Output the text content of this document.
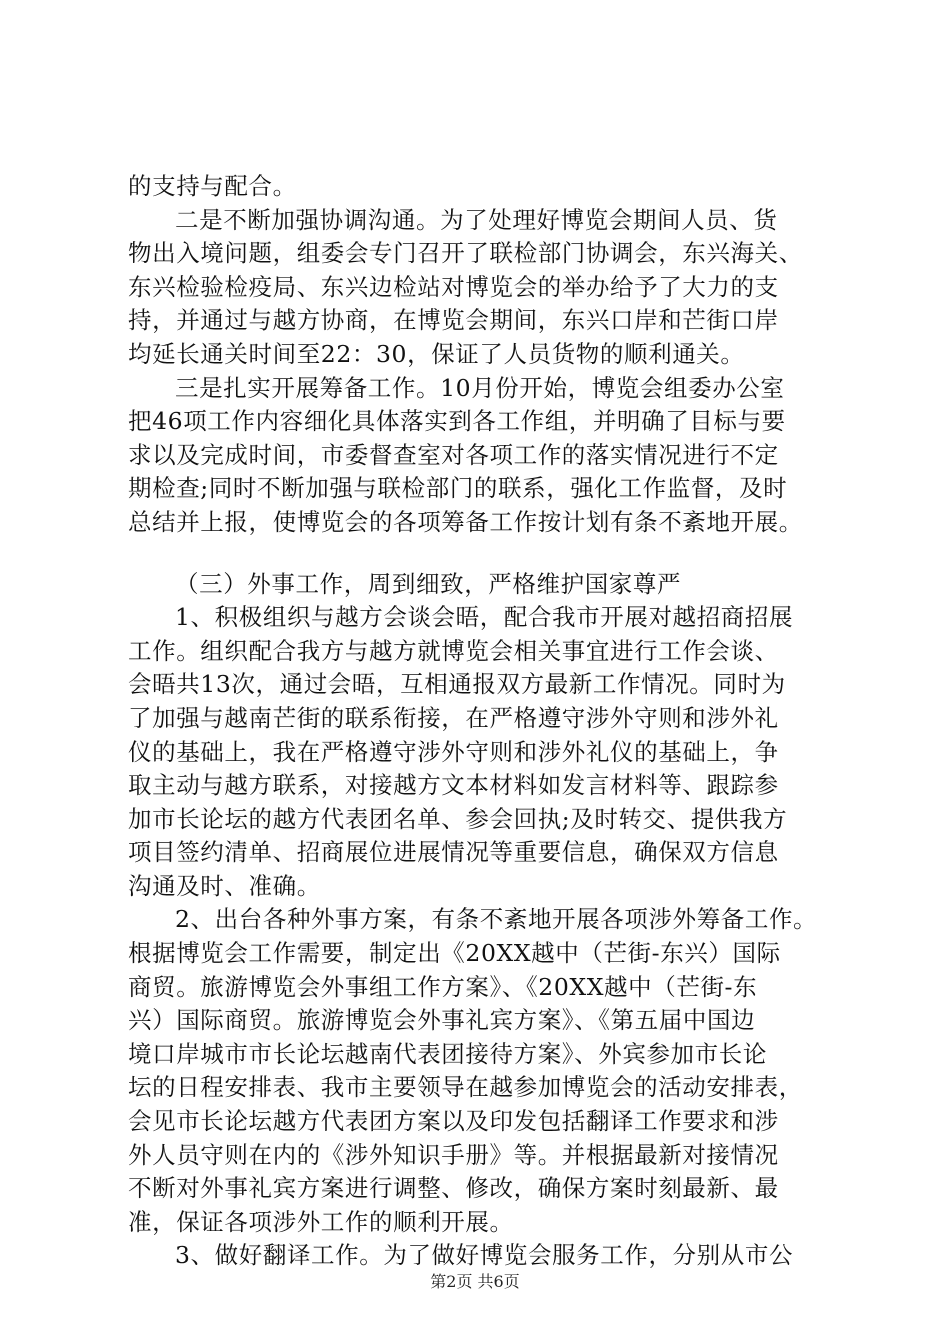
的支持与配合。
二是不断加强协调沟通。为了处理好博览会期间人员、货
物出入境问题，组委会专门召开了联检部门协调会，东兴海关、
东兴检验检疫局、东兴边检站对博览会的举办给予了大力的支
持，并通过与越方协商，在博览会期间，东兴口岸和芒街口岸
均延长通关时间至22：30，保证了人员货物的顺利通关。
三是扎实开展筹备工作。10月份开始，博览会组委办公室
把46项工作内容细化具体落实到各工作组，并明确了目标与要
求以及完成时间，市委督查室对各项工作的落实情况进行不定
期检查;同时不断加强与联检部门的联系，强化工作监督，及时
总结并上报，使博览会的各项筹备工作按计划有条不紊地开展。
（三）外事工作，周到细致，严格维护国家尊严
1、积极组织与越方会谈会晤，配合我市开展对越招商招展
工作。组织配合我方与越方就博览会相关事宜进行工作会谈、
会晤共13次，通过会晤，互相通报双方最新工作情况。同时为
了加强与越南芒街的联系衔接，在严格遵守涉外守则和涉外礼
仪的基础上，我在严格遵守涉外守则和涉外礼仪的基础上，争
取主动与越方联系，对接越方文本材料如发言材料等、跟踪参
加市长论坛的越方代表团名单、参会回执;及时转交、提供我方
项目签约清单、招商展位进展情况等重要信息，确保双方信息
沟通及时、准确。
2、出台各种外事方案，有条不紊地开展各项涉外筹备工作。
根据博览会工作需要，制定出《20XX越中（芒街-东兴）国际
商贸。旅游博览会外事组工作方案》、《20XX越中（芒街-东
兴）国际商贸。旅游博览会外事礼宾方案》、《第五届中国边
境口岸城市市长论坛越南代表团接待方案》、外宾参加市长论
坛的日程安排表、我市主要领导在越参加博览会的活动安排表，
会见市长论坛越方代表团方案以及印发包括翻译工作要求和涉
外人员守则在内的《涉外知识手册》等。并根据最新对接情况
不断对外事礼宾方案进行调整、修改，确保方案时刻最新、最
准，保证各项涉外工作的顺利开展。
3、做好翻译工作。为了做好博览会服务工作，分别从市公
第2页 共6页
